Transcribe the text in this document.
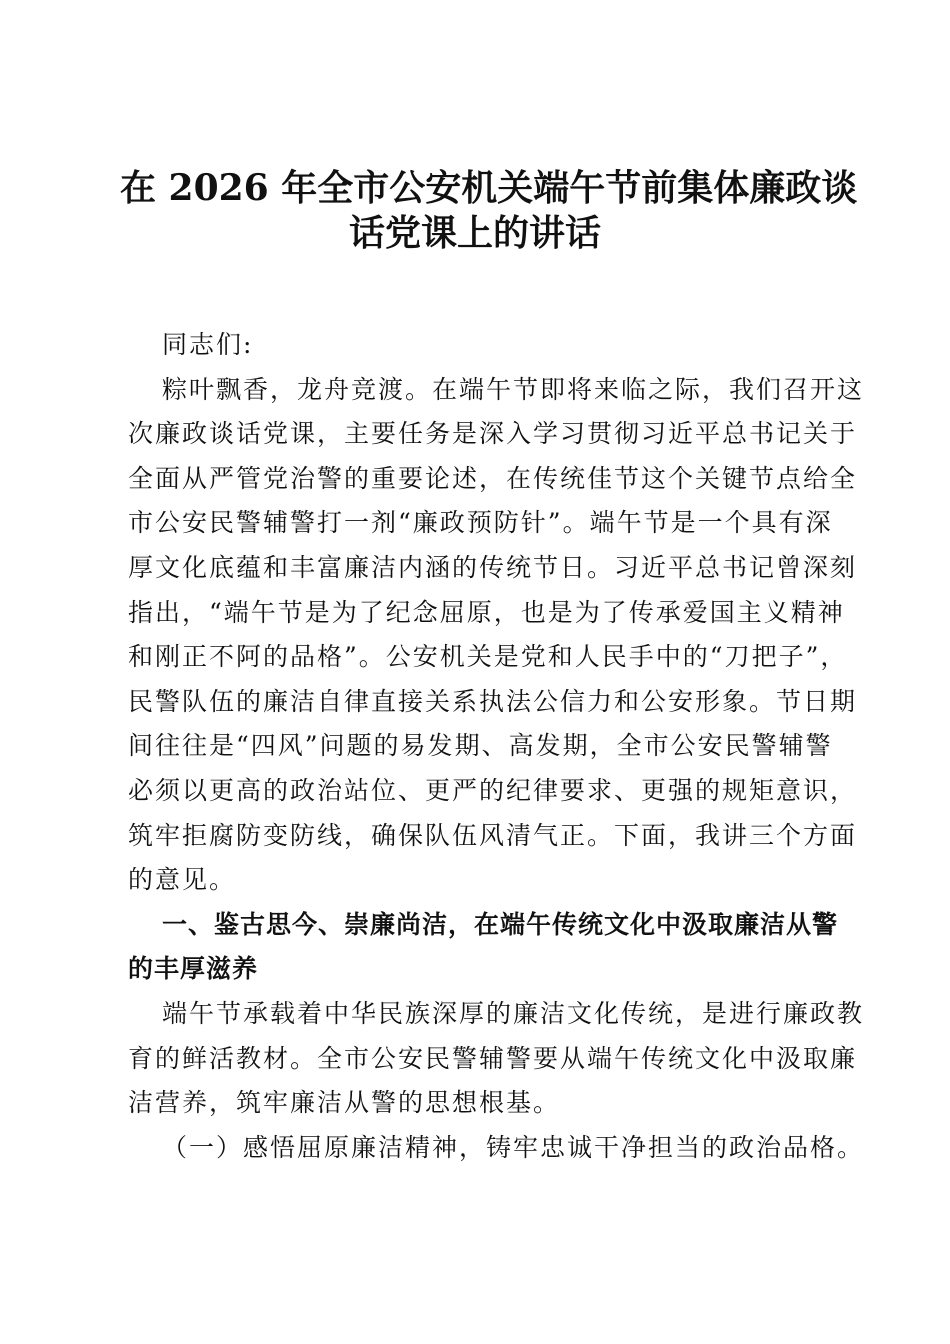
在 2026 年全市公安机关端午节前集体廉政谈
话党课上的讲话
同志们:
粽叶飘香，龙舟竞渡。在端午节即将来临之际，我们召开这
次廉政谈话党课，主要任务是深入学习贯彻习近平总书记关于
全面从严管党治警的重要论述，在传统佳节这个关键节点给全
市公安民警辅警打一剂“廉政预防针”。端午节是一个具有深
厚文化底蕴和丰富廉洁内涵的传统节日。习近平总书记曾深刻
指出，“端午节是为了纪念屈原，也是为了传承爱国主义精神
和刚正不阿的品格”。公安机关是党和人民手中的“刀把子”，
民警队伍的廉洁自律直接关系执法公信力和公安形象。节日期
间往往是“四风”问题的易发期、高发期，全市公安民警辅警
必须以更高的政治站位、更严的纪律要求、更强的规矩意识，
筑牢拒腐防变防线，确保队伍风清气正。下面，我讲三个方面
的意见。
一、鉴古思今、崇廉尚洁，在端午传统文化中汲取廉洁从警
的丰厚滋养
端午节承载着中华民族深厚的廉洁文化传统，是进行廉政教
育的鲜活教材。全市公安民警辅警要从端午传统文化中汲取廉
洁营养，筑牢廉洁从警的思想根基。
（一）感悟屈原廉洁精神，铸牢忠诚干净担当的政治品格。
